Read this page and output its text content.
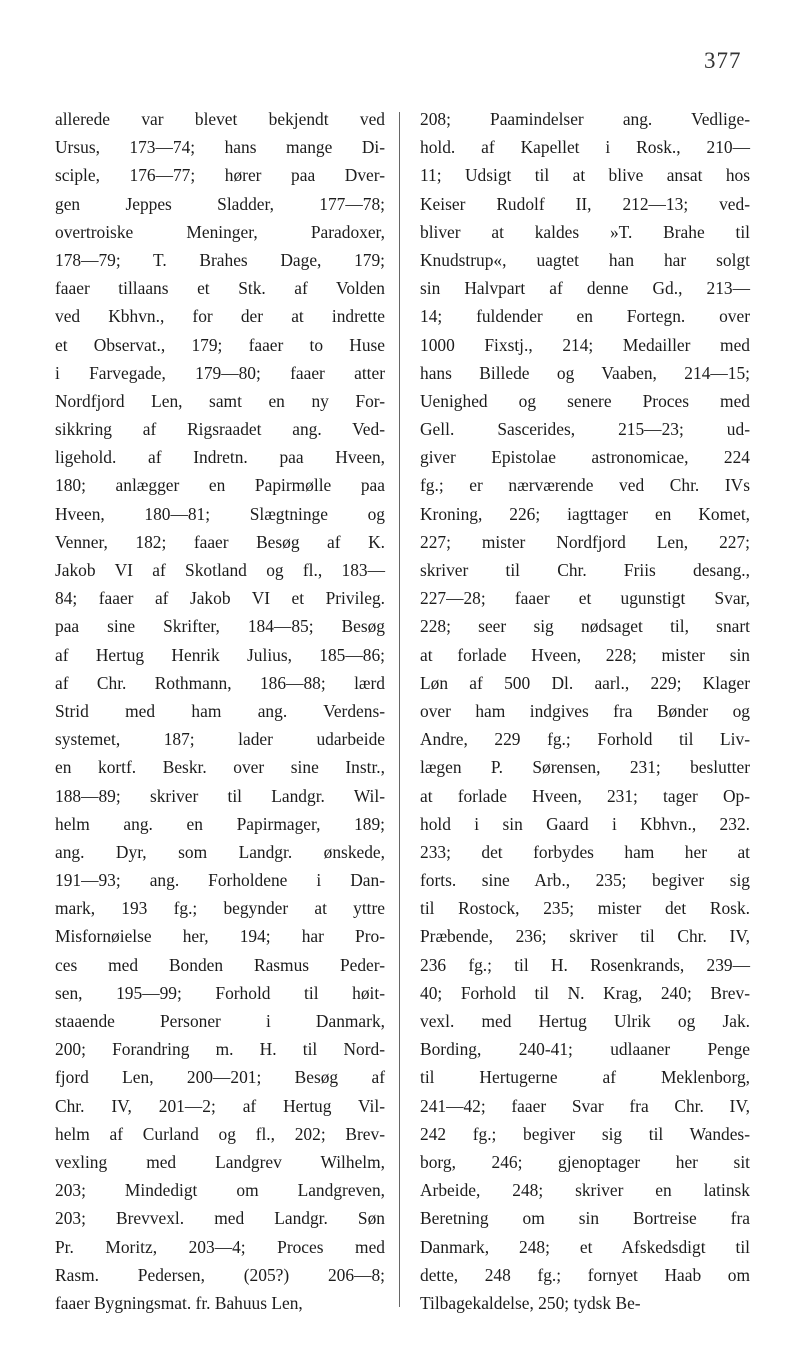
377
allerede var blevet bekjendt ved
Ursus, 173—74; hans mange Di-
sciple, 176—77; hører paa Dver-
gen Jeppes Sladder, 177—78;
overtroiske Meninger, Paradoxer,
178—79; T. Brahes Dage, 179;
faaer tillaans et Stk. af Volden
ved Kbhvn., for der at indrette
et Observat., 179; faaer to Huse
i Farvegade, 179—80; faaer atter
Nordfjord Len, samt en ny For-
sikkring af Rigsraadet ang. Ved-
ligehold. af Indretn. paa Hveen,
180; anlægger en Papirmølle paa
Hveen, 180—81; Slægtninge og
Venner, 182; faaer Besøg af K.
Jakob VI af Skotland og fl., 183—
84; faaer af Jakob VI et Privileg.
paa sine Skrifter, 184—85; Besøg
af Hertug Henrik Julius, 185—86;
af Chr. Rothmann, 186—88; lærd
Strid med ham ang. Verdens-
systemet, 187; lader udarbeide
en kortf. Beskr. over sine Instr.,
188—89; skriver til Landgr. Wil-
helm ang. en Papirmager, 189;
ang. Dyr, som Landgr. ønskede,
191—93; ang. Forholdene i Dan-
mark, 193 fg.; begynder at yttre
Misfornøielse her, 194; har Pro-
ces med Bonden Rasmus Peder-
sen, 195—99; Forhold til høit-
staaende Personer i Danmark,
200; Forandring m. H. til Nord-
fjord Len, 200—201; Besøg af
Chr. IV, 201—2; af Hertug Vil-
helm af Curland og fl., 202; Brev-
vexling med Landgrev Wilhelm,
203; Mindedigt om Landgreven,
203; Brevvexl. med Landgr. Søn
Pr. Moritz, 203—4; Proces med
Rasm. Pedersen, (205?) 206—8;
faaer Bygningsmat. fr. Bahuus Len,
208; Paamindelser ang. Vedlige-
hold. af Kapellet i Rosk., 210—
11; Udsigt til at blive ansat hos
Keiser Rudolf II, 212—13; ved-
bliver at kaldes »T. Brahe til
Knudstrup«, uagtet han har solgt
sin Halvpart af denne Gd., 213—
14; fuldender en Fortegn. over
1000 Fixstj., 214; Medailler med
hans Billede og Vaaben, 214—15;
Uenighed og senere Proces med
Gell. Sascerides, 215—23; ud-
giver Epistolae astronomicae, 224
fg.; er nærværende ved Chr. IVs
Kroning, 226; iagttager en Komet,
227; mister Nordfjord Len, 227;
skriver til Chr. Friis desang.,
227—28; faaer et ugunstigt Svar,
228; seer sig nødsaget til, snart
at forlade Hveen, 228; mister sin
Løn af 500 Dl. aarl., 229; Klager
over ham indgives fra Bønder og
Andre, 229 fg.; Forhold til Liv-
lægen P. Sørensen, 231; beslutter
at forlade Hveen, 231; tager Op-
hold i sin Gaard i Kbhvn., 232.
233; det forbydes ham her at
forts. sine Arb., 235; begiver sig
til Rostock, 235; mister det Rosk.
Præbende, 236; skriver til Chr. IV,
236 fg.; til H. Rosenkrands, 239—
40; Forhold til N. Krag, 240; Brev-
vexl. med Hertug Ulrik og Jak.
Bording, 240-41; udlaaner Penge
til Hertugerne af Meklenborg,
241—42; faaer Svar fra Chr. IV,
242 fg.; begiver sig til Wandes-
borg, 246; gjenoptager her sit
Arbeide, 248; skriver en latinsk
Beretning om sin Bortreise fra
Danmark, 248; et Afskedsdigt til
dette, 248 fg.; fornyet Haab om
Tilbagekaldelse, 250; tydsk Be-
